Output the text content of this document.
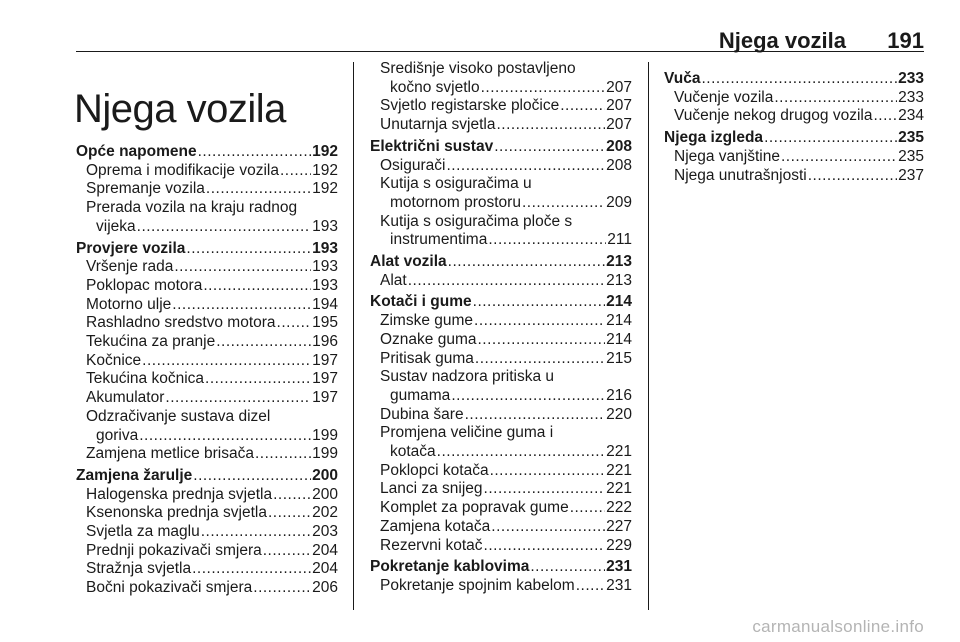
Njega vozila 191
Njega vozila
Opće napomene .....	192
Oprema i modifikacije vozila ..... 192
Spremanje vozila .....	192
Prerada vozila na kraju radnog
vijeka .....	193
Provjere vozila .....	193
Vršenje rada .....	193
Poklopac motora .....	193
Motorno ulje .....	194
Rashladno sredstvo motora ..... 195
Tekućina za pranje .....	196
Kočnice .....	197
Tekućina kočnica .....	197
Akumulator .....	197
Odzračivanje sustava dizel
goriva .....	199
Zamjena metlice brisača .....	199
Zamjena žarulje .....	200
Halogenska prednja svjetla .....	200
Ksenonska prednja svjetla .....	202
Svjetla za maglu .....	203
Prednji pokazivači smjera .....	204
Stražnja svjetla .....	204
Bočni pokazivači smjera .....	206
Središnje visoko postavljeno
kočno svjetlo .....	207
Svjetlo registarske pločice .....	207
Unutarnja svjetla .....	207
Električni sustav .....	208
Osigurači .....	208
Kutija s osiguračima u
motornom prostoru .....	209
Kutija s osiguračima ploče s
instrumentima .....	211
Alat vozila .....	213
Alat .....	213
Kotači i gume .....	214
Zimske gume .....	214
Oznake guma .....	214
Pritisak guma .....	215
Sustav nadzora pritiska u
gumama .....	216
Dubina šare .....	220
Promjena veličine guma i
kotača .....	221
Poklopci kotača .....	221
Lanci za snijeg .....	221
Komplet za popravak gume ..... 222
Zamjena kotača .....	227
Rezervni kotač .....	229
Pokretanje kablovima .....	231
Pokretanje spojnim kabelom ..... 231
Vuča .....	233
Vučenje vozila .....	233
Vučenje nekog drugog vozila ..... 234
Njega izgleda .....	235
Njega vanjštine .....	235
Njega unutrašnjosti .....	237
carmanualsonline.info
